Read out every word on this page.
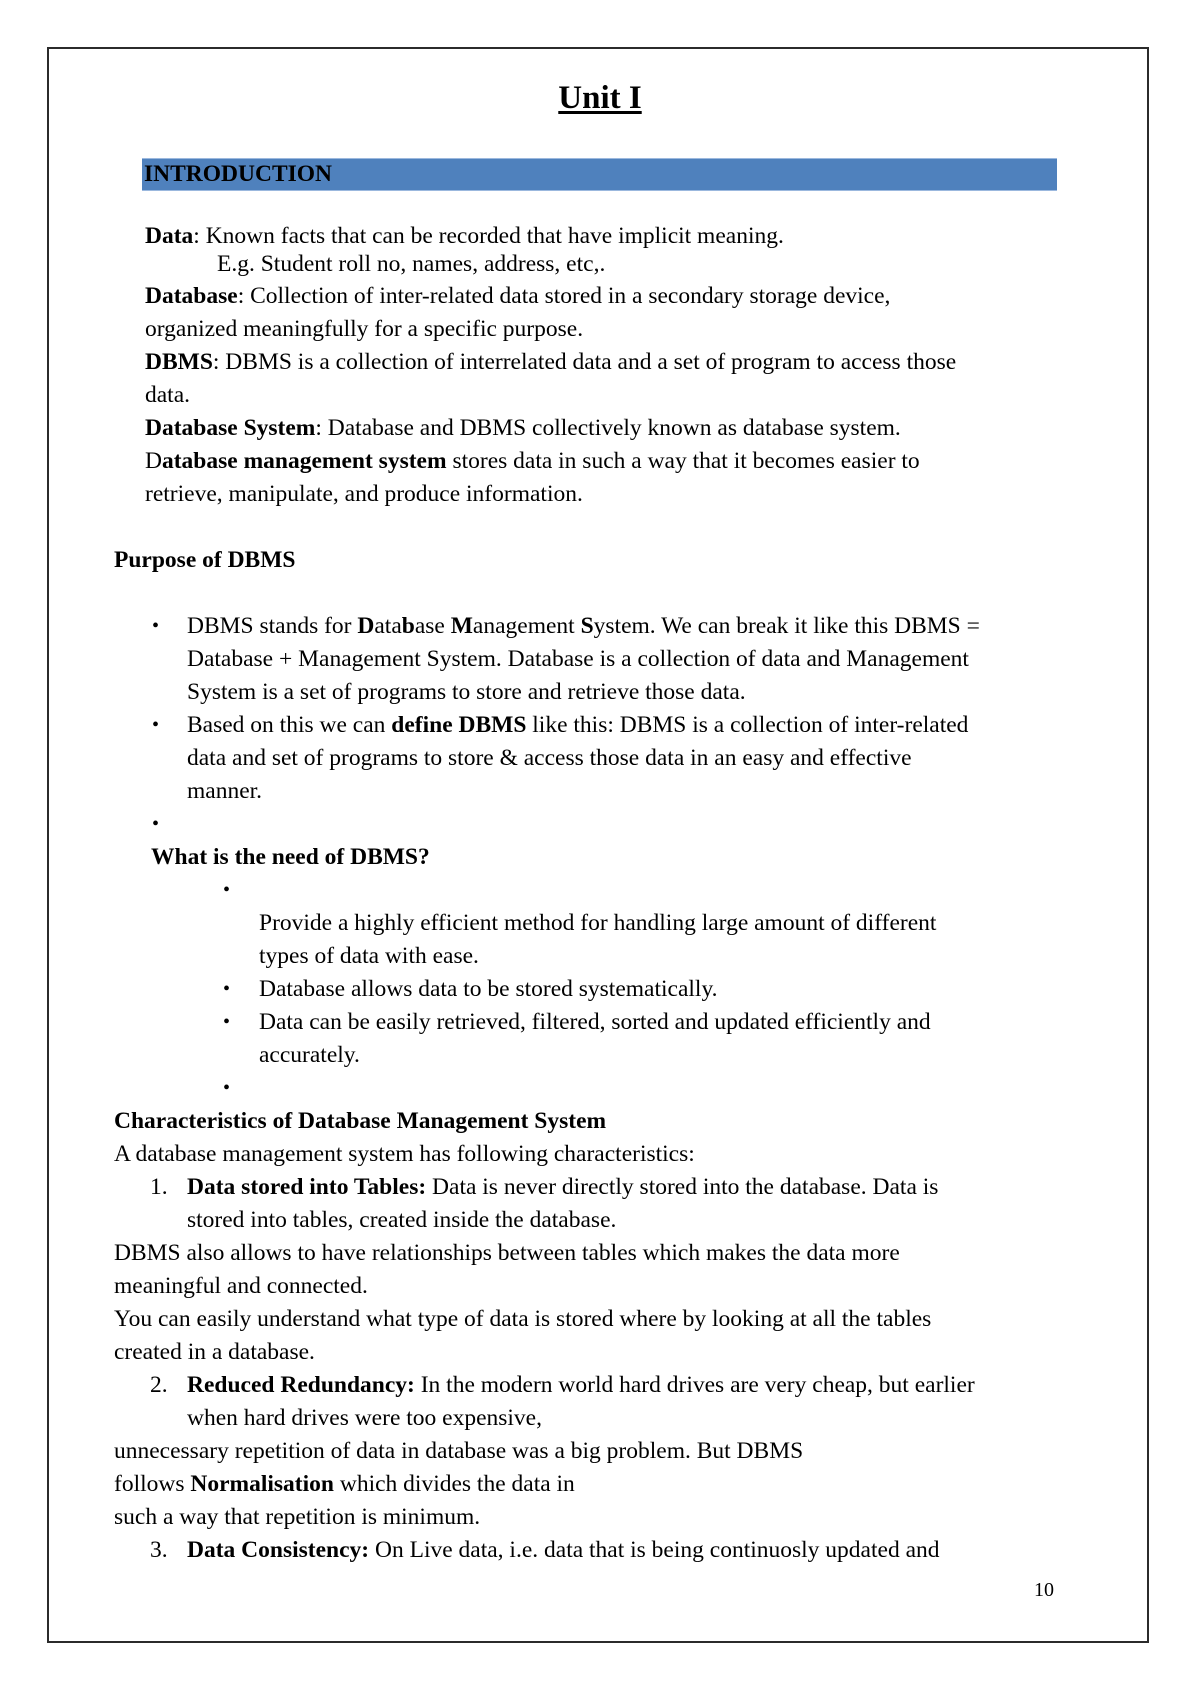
Unit I
INTRODUCTION
Data: Known facts that can be recorded that have implicit meaning.
E.g. Student roll no, names, address, etc,.
Database: Collection of inter-related data stored in a secondary storage device,
organized meaningfully for a specific purpose.
DBMS: DBMS is a collection of interrelated data and a set of program to access those
data.
Database System: Database and DBMS collectively known as database system.
Database management system stores data in such a way that it becomes easier to
retrieve, manipulate, and produce information.
Purpose of DBMS
• DBMS stands for Database Management System. We can break it like this DBMS =
Database + Management System. Database is a collection of data and Management
System is a set of programs to store and retrieve those data.
• Based on this we can define DBMS like this: DBMS is a collection of inter-related
data and set of programs to store & access those data in an easy and effective
manner.
•
What is the need of DBMS?
•
Provide a highly efficient method for handling large amount of different
types of data with ease.
• Database allows data to be stored systematically.
• Data can be easily retrieved, filtered, sorted and updated efficiently and
accurately.
•
Characteristics of Database Management System
A database management system has following characteristics:
1. Data stored into Tables: Data is never directly stored into the database. Data is
stored into tables, created inside the database.
DBMS also allows to have relationships between tables which makes the data more
meaningful and connected.
You can easily understand what type of data is stored where by looking at all the tables
created in a database.
2. Reduced Redundancy: In the modern world hard drives are very cheap, but earlier
when hard drives were too expensive,
unnecessary repetition of data in database was a big problem. But DBMS
follows Normalisation which divides the data in
such a way that repetition is minimum.
3. Data Consistency: On Live data, i.e. data that is being continuosly updated and
10
